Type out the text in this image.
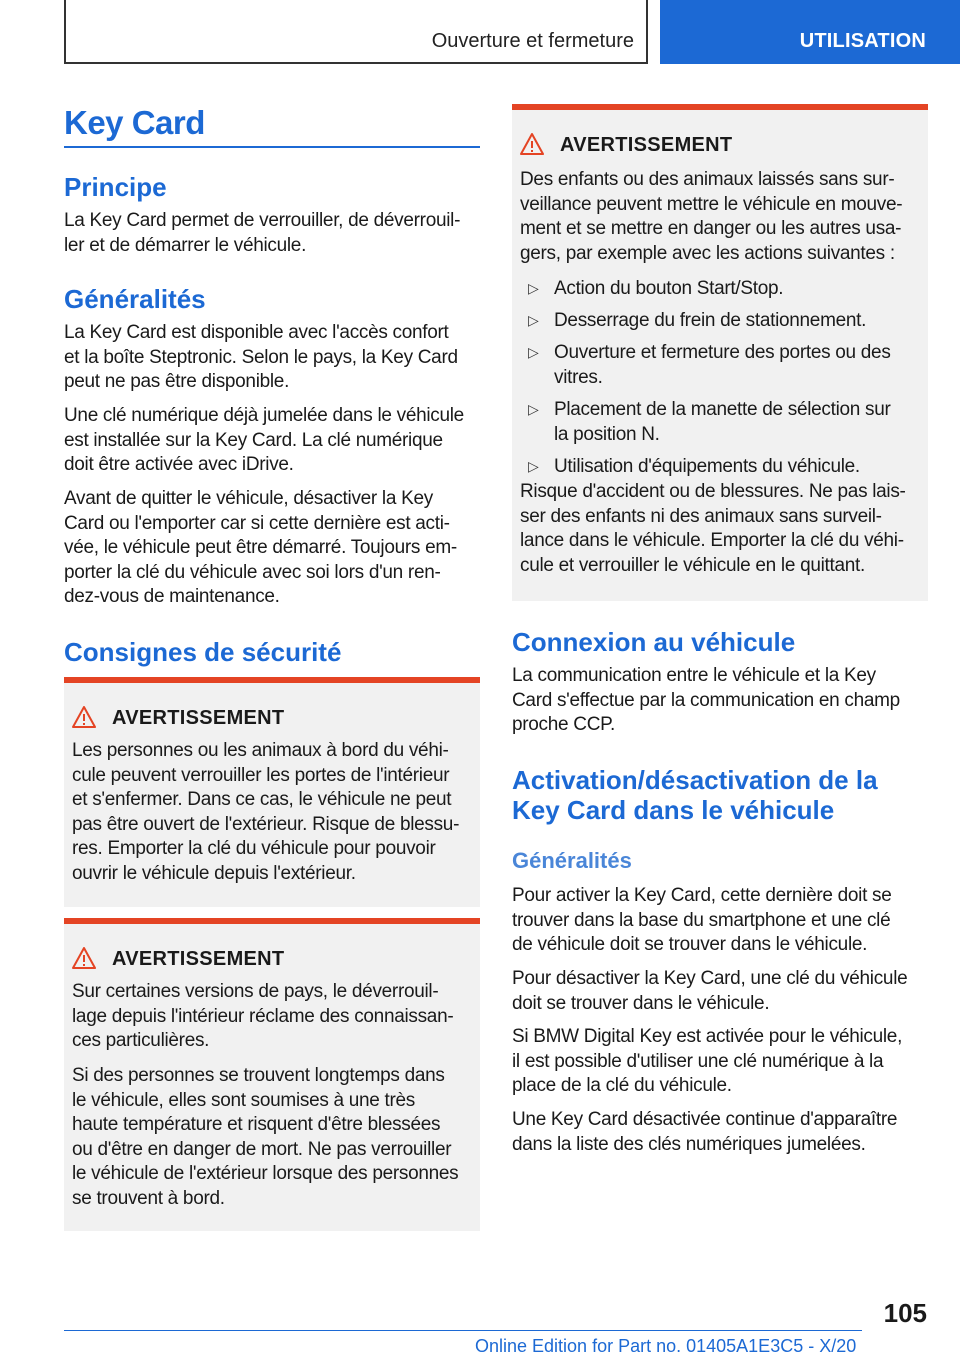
Ouverture et fermeture	UTILISATION
Key Card
Principe

La Key Card permet de verrouiller, de déverrouil-
ler et de démarrer le véhicule.

Généralités

La Key Card est disponible avec l'accès confort
et la boîte Steptronic. Selon le pays, la Key Card
peut ne pas être disponible.

Une clé numérique déjà jumelée dans le véhicule
est installée sur la Key Card. La clé numérique
doit être activée avec iDrive.

Avant de quitter le véhicule, désactiver la Key
Card ou l'emporter car si cette dernière est acti-
vée, le véhicule peut être démarré. Toujours em-
porter la clé du véhicule avec soi lors d'un ren-
dez-vous de maintenance.

Consignes de sécurité
AVERTISSEMENT

Les personnes ou les animaux à bord du véhi-
cule peuvent verrouiller les portes de l'intérieur
et s'enfermer. Dans ce cas, le véhicule ne peut
pas être ouvert de l'extérieur. Risque de blessu-
res. Emporter la clé du véhicule pour pouvoir
ouvrir le véhicule depuis l'extérieur.

AVERTISSEMENT

Sur certaines versions de pays, le déverrouil-
lage depuis l'intérieur réclame des connaissan-
ces particulières.

Si des personnes se trouvent longtemps dans
le véhicule, elles sont soumises à une très
haute température et risquent d'être blessées
ou d'être en danger de mort. Ne pas verrouiller
le véhicule de l'extérieur lorsque des personnes
se trouvent à bord.

AVERTISSEMENT

Des enfants ou des animaux laissés sans sur-
veillance peuvent mettre le véhicule en mouve-
ment et se mettre en danger ou les autres usa-
gers, par exemple avec les actions suivantes :

▷ Action du bouton Start/Stop.
▷ Desserrage du frein de stationnement.
▷ Ouverture et fermeture des portes ou des
vitres.
▷ Placement de la manette de sélection sur
la position N.
▷ Utilisation d'équipements du véhicule.

Risque d'accident ou de blessures. Ne pas lais-
ser des enfants ni des animaux sans surveil-
lance dans le véhicule. Emporter la clé du véhi-
cule et verrouiller le véhicule en le quittant.

Connexion au véhicule

La communication entre le véhicule et la Key
Card s'effectue par la communication en champ
proche CCP.

Activation/désactivation de la
Key Card dans le véhicule
Généralités

Pour activer la Key Card, cette dernière doit se
trouver dans la base du smartphone et une clé
de véhicule doit se trouver dans le véhicule.

Pour désactiver la Key Card, une clé du véhicule
doit se trouver dans le véhicule.

Si BMW Digital Key est activée pour le véhicule,
il est possible d'utiliser une clé numérique à la
place de la clé du véhicule.

Une Key Card désactivée continue d'apparaître
dans la liste des clés numériques jumelées.

105
Online Edition for Part no. 01405A1E3C5 - X/20
